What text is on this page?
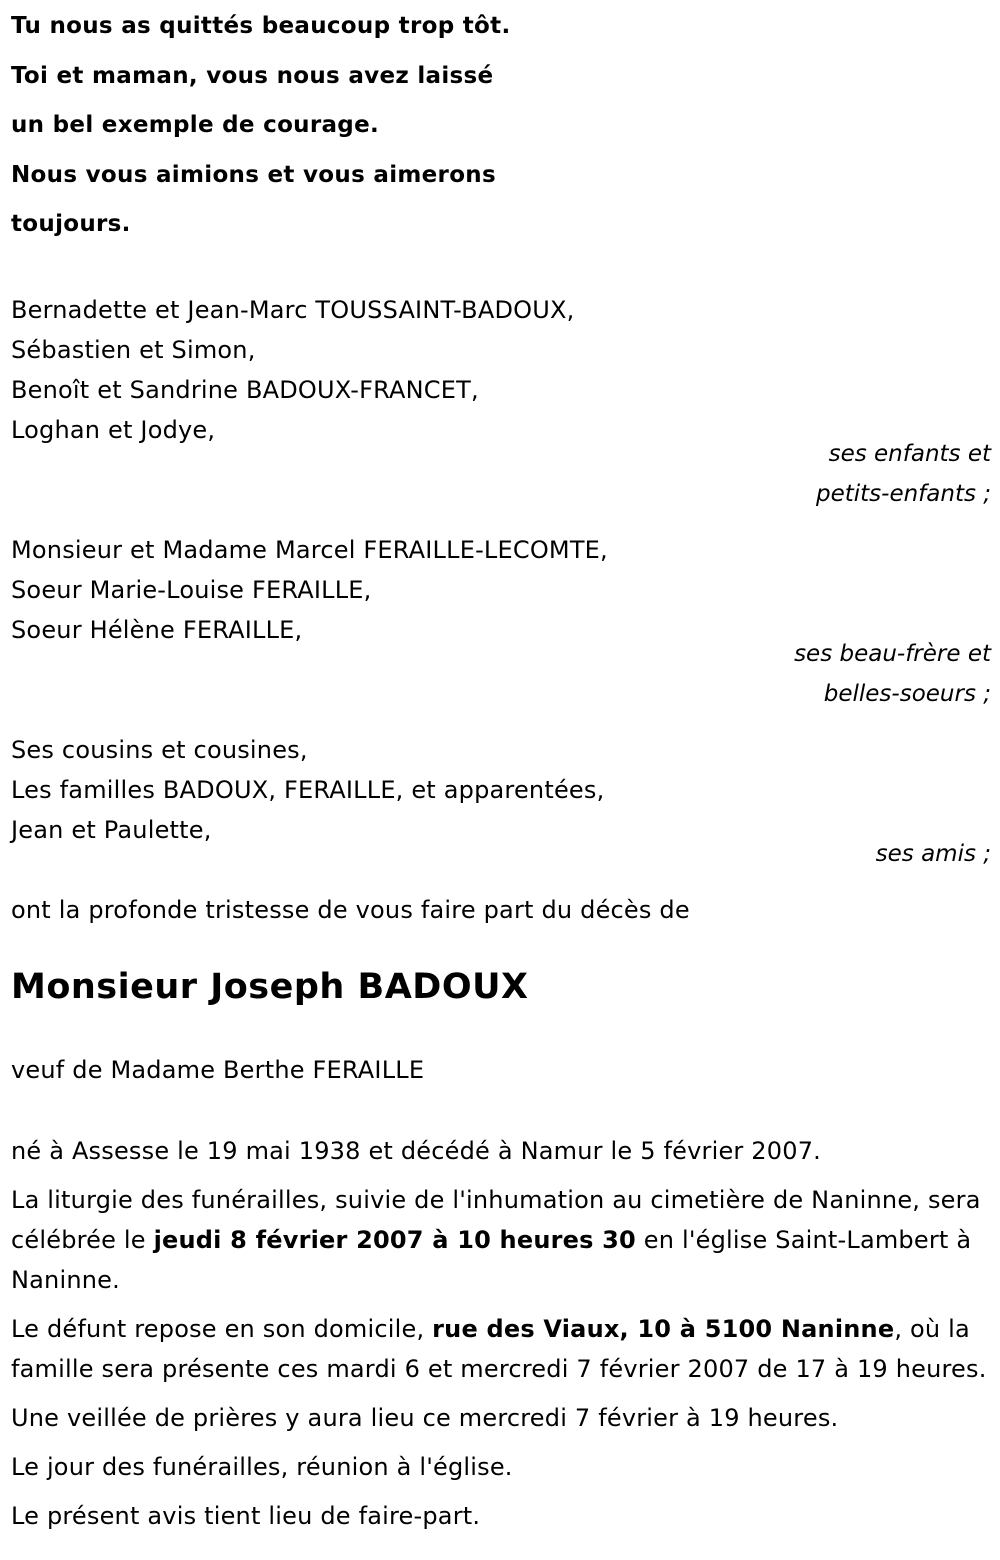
Tu nous as quittés beaucoup trop tôt.
Toi et maman, vous nous avez laissé
un bel exemple de courage.
Nous vous aimions et vous aimerons
toujours.
Bernadette et Jean-Marc TOUSSAINT-BADOUX,
Sébastien et Simon,
Benoît et Sandrine BADOUX-FRANCET,
Loghan et Jodye,
ses enfants et
petits-enfants ;
Monsieur et Madame Marcel FERAILLE-LECOMTE,
Soeur Marie-Louise FERAILLE,
Soeur Hélène FERAILLE,
ses beau-frère et
belles-soeurs ;
Ses cousins et cousines,
Les familles BADOUX, FERAILLE, et apparentées,
Jean et Paulette,
ses amis ;
ont la profonde tristesse de vous faire part du décès de
Monsieur Joseph BADOUX
veuf de Madame Berthe FERAILLE
né à Assesse le 19 mai 1938 et décédé à Namur le 5 février 2007.
La liturgie des funérailles, suivie de l'inhumation au cimetière de Naninne, sera célébrée le jeudi 8 février 2007 à 10 heures 30 en l'église Saint-Lambert à Naninne.
Le défunt repose en son domicile, rue des Viaux, 10 à 5100 Naninne, où la famille sera présente ces mardi 6 et mercredi 7 février 2007 de 17 à 19 heures.
Une veillée de prières y aura lieu ce mercredi 7 février à 19 heures.
Le jour des funérailles, réunion à l'église.
Le présent avis tient lieu de faire-part.
